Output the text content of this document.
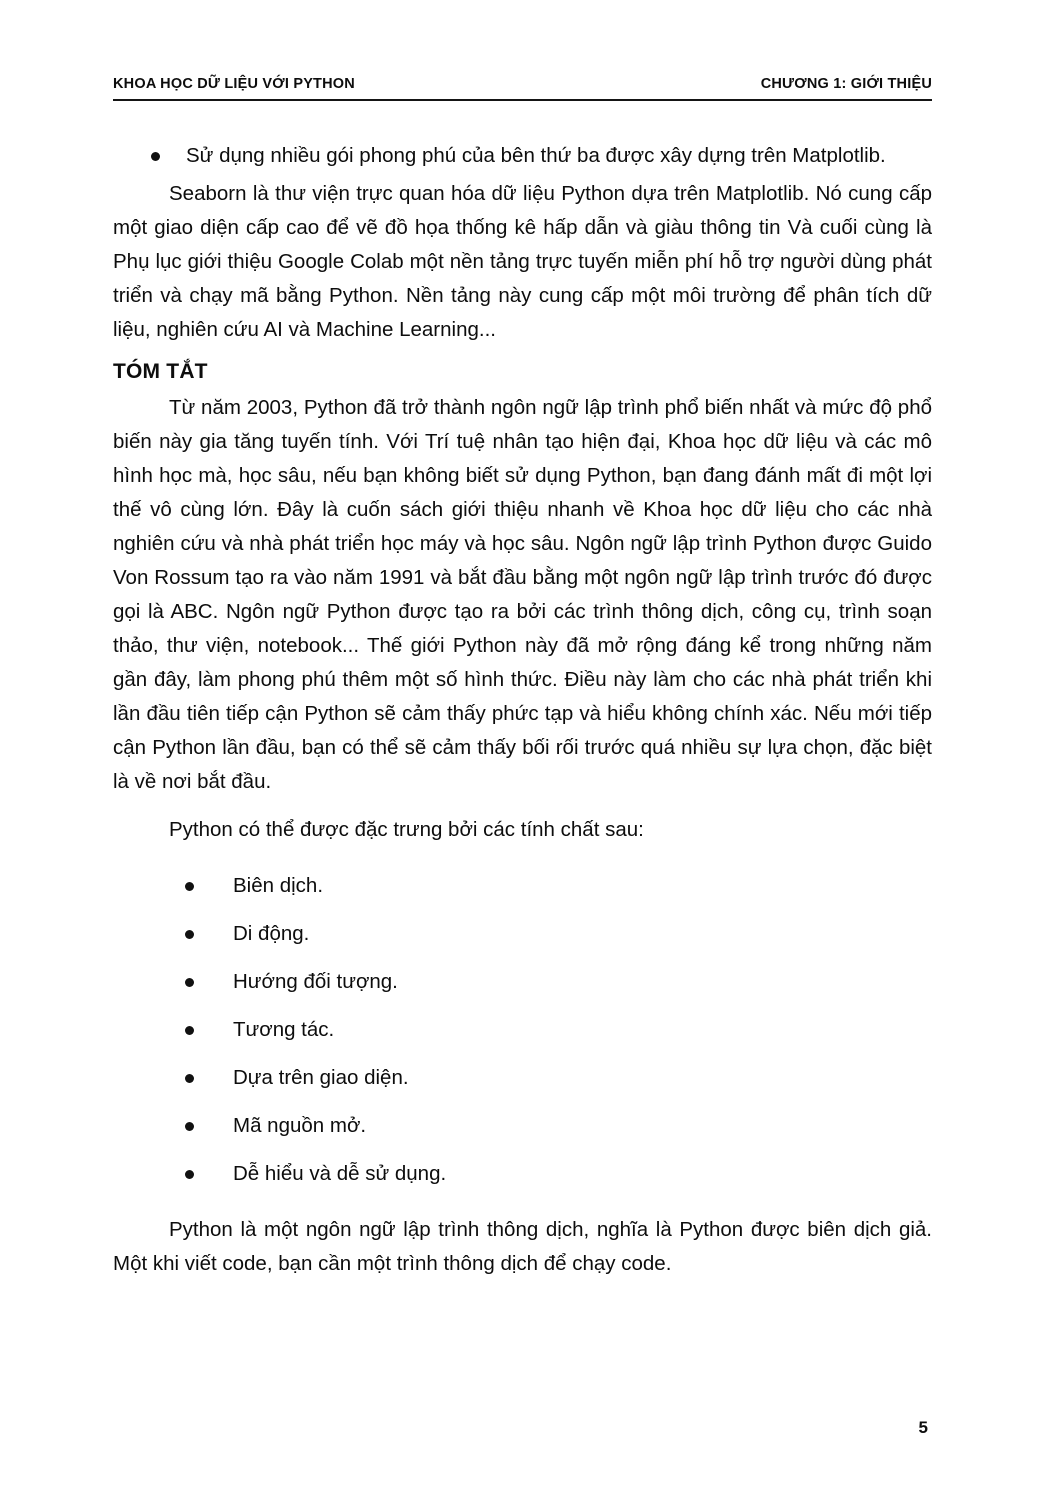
KHOA HỌC DỮ LIỆU VỚI PYTHON	CHƯƠNG 1: GIỚI THIỆU

Sử dụng nhiều gói phong phú của bên thứ ba được xây dựng trên Matplotlib.

Seaborn là thư viện trực quan hóa dữ liệu Python dựa trên Matplotlib. Nó cung cấp một giao diện cấp cao để vẽ đồ họa thống kê hấp dẫn và giàu thông tin Và cuối cùng là Phụ lục giới thiệu Google Colab một nền tảng trực tuyến miễn phí hỗ trợ người dùng phát triển và chạy mã bằng Python. Nền tảng này cung cấp một môi trường để phân tích dữ liệu, nghiên cứu AI và Machine Learning...

TÓM TẮT

Từ năm 2003, Python đã trở thành ngôn ngữ lập trình phổ biến nhất và mức độ phổ biến này gia tăng tuyến tính. Với Trí tuệ nhân tạo hiện đại, Khoa học dữ liệu và các mô hình học mà, học sâu, nếu bạn không biết sử dụng Python, bạn đang đánh mất đi một lợi thế vô cùng lớn. Đây là cuốn sách giới thiệu nhanh về Khoa học dữ liệu cho các nhà nghiên cứu và nhà phát triển học máy và học sâu. Ngôn ngữ lập trình Python được Guido Von Rossum tạo ra vào năm 1991 và bắt đầu bằng một ngôn ngữ lập trình trước đó được gọi là ABC. Ngôn ngữ Python được tạo ra bởi các trình thông dịch, công cụ, trình soạn thảo, thư viện, notebook... Thế giới Python này đã mở rộng đáng kể trong những năm gần đây, làm phong phú thêm một số hình thức. Điều này làm cho các nhà phát triển khi lần đầu tiên tiếp cận Python sẽ cảm thấy phức tạp và hiểu không chính xác. Nếu mới tiếp cận Python lần đầu, bạn có thể sẽ cảm thấy bối rối trước quá nhiều sự lựa chọn, đặc biệt là về nơi bắt đầu.

Python có thể được đặc trưng bởi các tính chất sau:

Biên dịch.
Di động.
Hướng đối tượng.
Tương tác.
Dựa trên giao diện.
Mã nguồn mở.
Dễ hiểu và dễ sử dụng.

Python là một ngôn ngữ lập trình thông dịch, nghĩa là Python được biên dịch giả. Một khi viết code, bạn cần một trình thông dịch để chạy code.

5
